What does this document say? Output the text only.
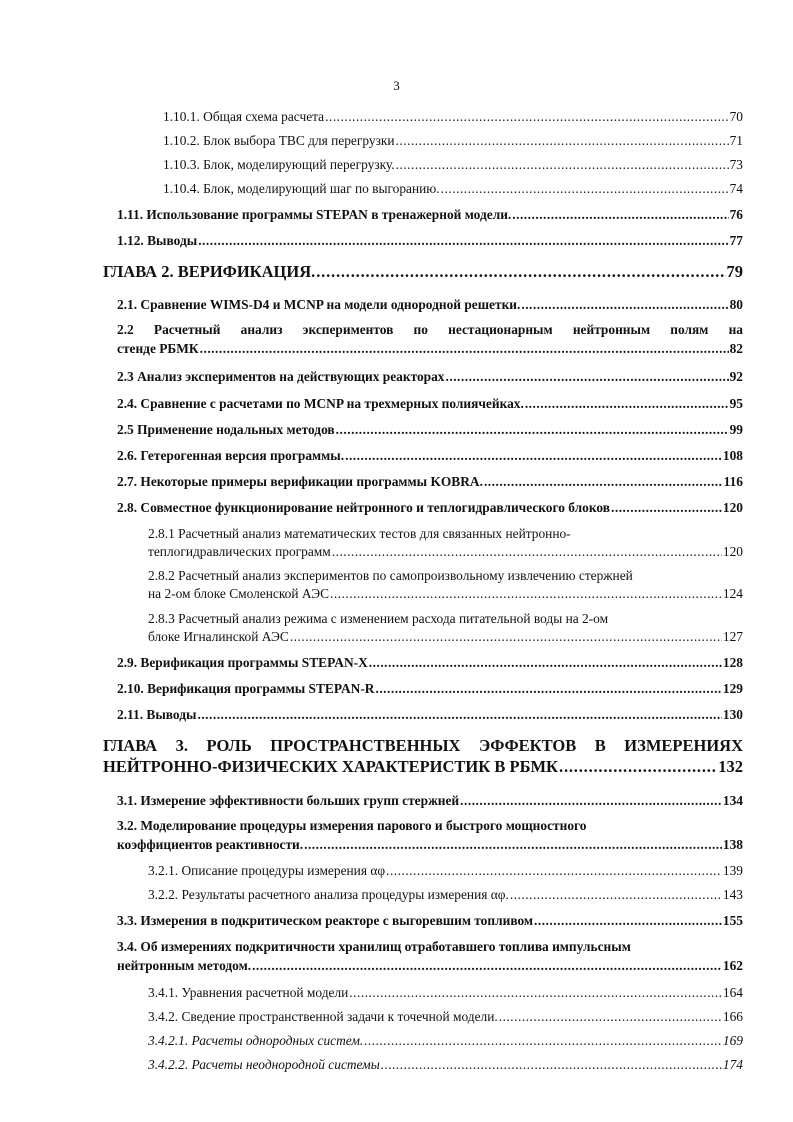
3
1.10.1. Общая схема расчета .....	70
1.10.2. Блок выбора ТВС для перегрузки .....	71
1.10.3. Блок, моделирующий перегрузку. .....	73
1.10.4. Блок, моделирующий шаг по выгоранию. .....	74
1.11. Использование программы STEPAN в тренажерной модели. .....	76
1.12. Выводы .....	77
ГЛАВА 2. ВЕРИФИКАЦИЯ. .....	79
2.1. Сравнение WIMS-D4 и MCNP на модели однородной решетки. .....	80
2.2 Расчетный анализ экспериментов по нестационарным нейтронным полям на
стенде РБМК .....	82
2.3 Анализ экспериментов на действующих реакторах .....	92
2.4. Сравнение с расчетами по MCNP на трехмерных полиячейках. .....	95
2.5 Применение нодальных методов .....	99
2.6. Гетерогенная версия программы. .....	108
2.7. Некоторые примеры верификации программы KOBRA. .....	116
2.8. Совместное функционирование нейтронного и теплогидравлического блоков .....	120
2.8.1 Расчетный анализ математических тестов для связанных нейтронно-
теплогидравлических программ .....	120
2.8.2 Расчетный анализ экспериментов по самопроизвольному извлечению стержней
на 2-ом блоке Смоленской АЭС .....	124
2.8.3 Расчетный анализ режима с изменением расхода питательной воды на 2-ом
блоке Игналинской АЭС .....	127
2.9. Верификация программы STEPAN-X .....	128
2.10. Верификация программы STEPAN-R .....	129
2.11. Выводы .....	130
ГЛАВА 3. РОЛЬ ПРОСТРАНСТВЕННЫХ ЭФФЕКТОВ В ИЗМЕРЕНИЯХ
НЕЙТРОННО-ФИЗИЧЕСКИХ ХАРАКТЕРИСТИК В РБМК .....	132
3.1. Измерение эффективности больших групп стержней .....	134
3.2. Моделирование процедуры измерения парового и быстрого мощностного
коэффициентов реактивности. .....	138
3.2.1. Описание процедуры измерения αφ .....	139
3.2.2. Результаты расчетного анализа процедуры измерения αφ. .....	143
3.3. Измерения в подкритическом реакторе с выгоревшим топливом .....	155
3.4. Об измерениях подкритичности хранилищ отработавшего топлива импульсным
нейтронным методом. .....	162
3.4.1. Уравнения расчетной модели .....	164
3.4.2. Сведение пространственной задачи к точечной модели. .....	166
3.4.2.1. Расчеты однородных систем. .....	169
3.4.2.2. Расчеты неоднородной системы .....	174
